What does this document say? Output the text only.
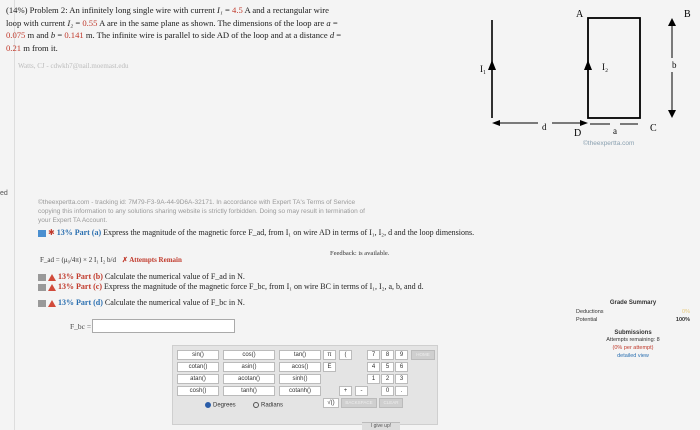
(14%) Problem 2: An infinitely long single wire with current I₁ = 4.5 A and a rectangular wire
loop with current I₂ = 0.55 A are in the same plane as shown. The dimensions of the loop are a =
0.075 m and b = 0.141 m. The infinite wire is parallel to side AD of the loop and at a distance d =
0.21 m from it.
Watts, CJ - cdwkh7@nail.moemast.edu
ed
I₁	I₂
A	B
C
D
b
d	a
©theexpertta.com
©theexpertta.com - tracking id: 7M79-F3-9A-44-9D6A-32171. In accordance with Expert TA's Terms of Service
copying this information to any solutions sharing website is strictly forbidden. Doing so may result in termination of
your Expert TA Account.
✱ 13% Part (a) Express the magnitude of the magnetic force F_ad, from I₁ on wire AD in terms of I₁, I₂, d and the loop dimensions.
F_ad = (μ₀/4π) × 2 I₁ I₂ b/d ✗ Attempts Remain
Feedback: is available.
13% Part (b) Calculate the numerical value of F_ad in N.
13% Part (c) Express the magnitude of the magnetic force F_bc, from I₁ on wire BC in terms of I₁, I₂, a, b, and d.
13% Part (d) Calculate the numerical value of F_bc in N.
F_bc =
sin()
cotan()
atan()
cosh()
cos()
asin()
acotan()
tanh()
tan()
acos()
sinh()
cotanh()
π
E
(
+	-
7	8	9
4	5	6
1	2	3
0	.
HOME
√()	BACKSPACE	CLEAR
Degrees	Radians
I give up!
Grade Summary
Deductions	0%
Potential	100%
Submissions
Attempts remaining: 8
(0% per attempt)
detailed view
